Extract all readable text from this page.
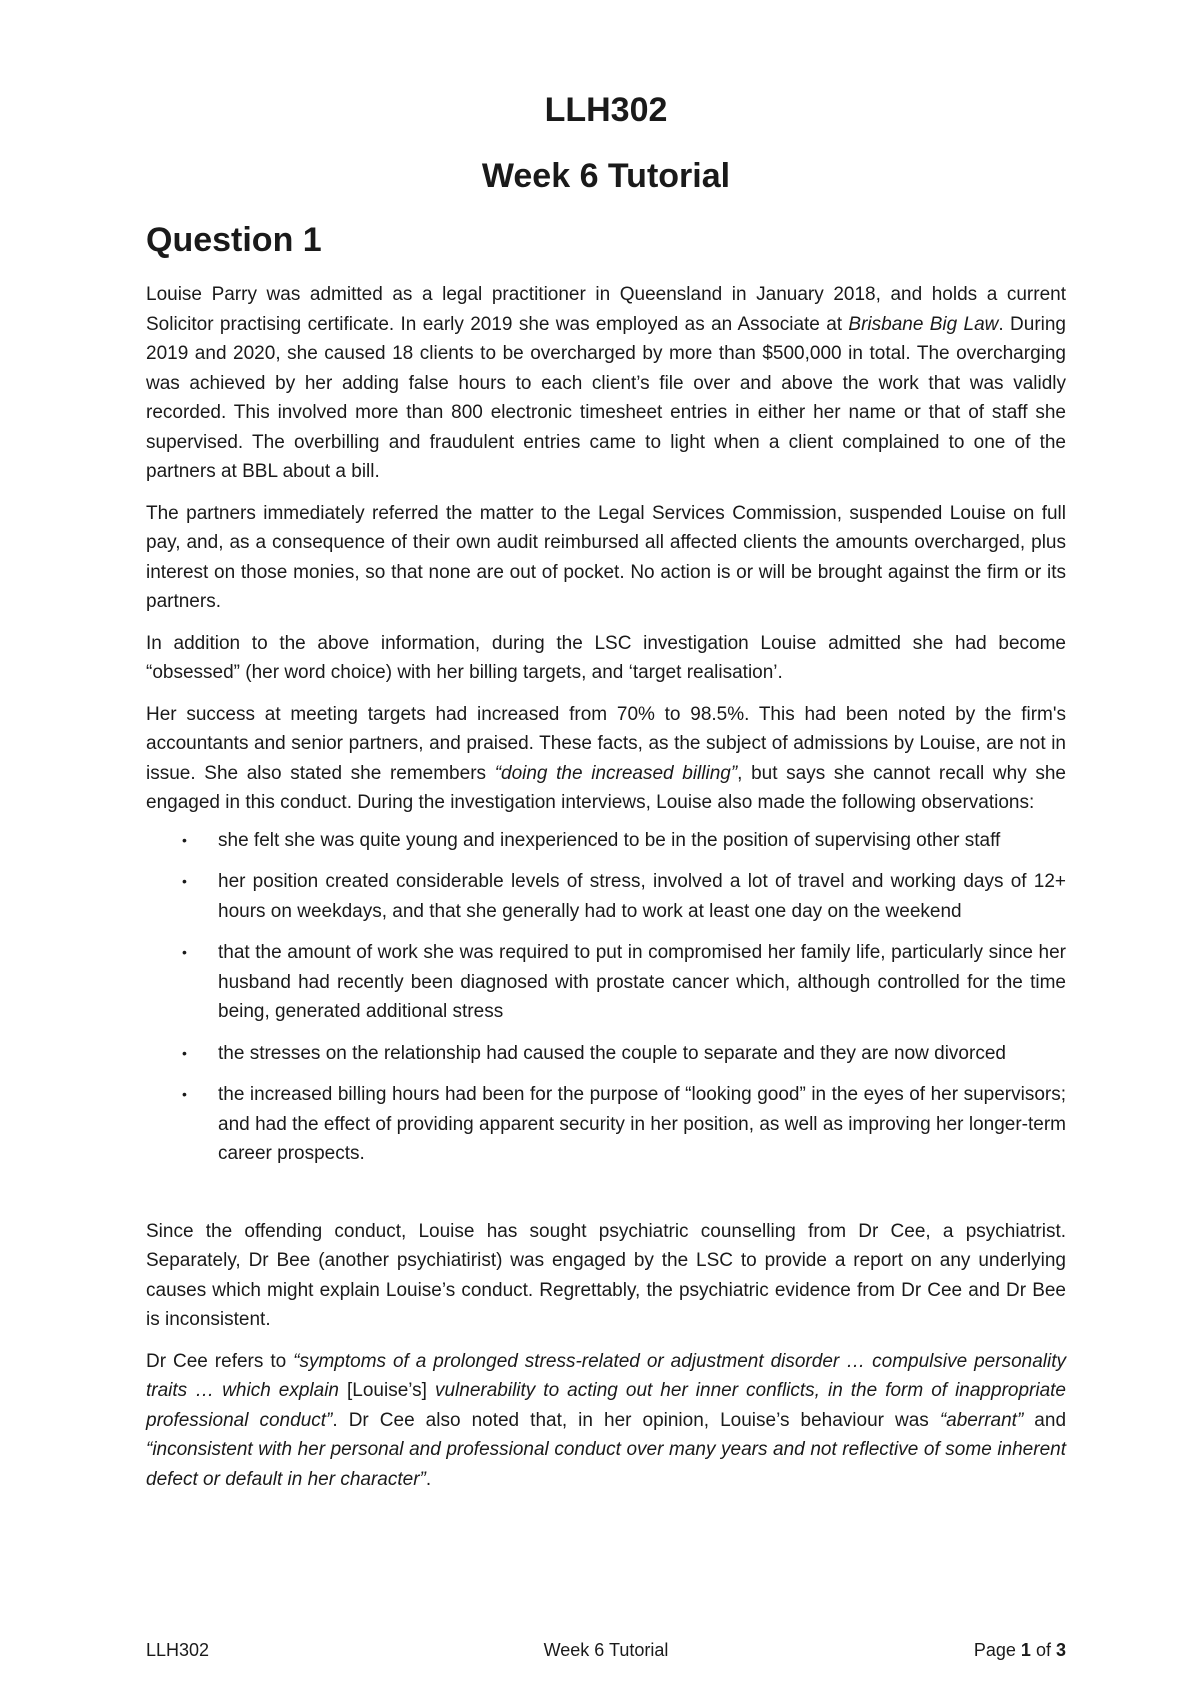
LLH302
Week 6 Tutorial
Question 1

Louise Parry was admitted as a legal practitioner in Queensland in January 2018, and holds a current Solicitor practising certificate. In early 2019 she was employed as an Associate at Brisbane Big Law. During 2019 and 2020, she caused 18 clients to be overcharged by more than $500,000 in total. The overcharging was achieved by her adding false hours to each client’s file over and above the work that was validly recorded. This involved more than 800 electronic timesheet entries in either her name or that of staff she supervised. The overbilling and fraudulent entries came to light when a client complained to one of the partners at BBL about a bill.

The partners immediately referred the matter to the Legal Services Commission, suspended Louise on full pay, and, as a consequence of their own audit reimbursed all affected clients the amounts overcharged, plus interest on those monies, so that none are out of pocket. No action is or will be brought against the firm or its partners.

In addition to the above information, during the LSC investigation Louise admitted she had become “obsessed” (her word choice) with her billing targets, and ‘target realisation’.

Her success at meeting targets had increased from 70% to 98.5%. This had been noted by the firm's accountants and senior partners, and praised. These facts, as the subject of admissions by Louise, are not in issue. She also stated she remembers “doing the increased billing”, but says she cannot recall why she engaged in this conduct. During the investigation interviews, Louise also made the following observations:

• she felt she was quite young and inexperienced to be in the position of supervising other staff
• her position created considerable levels of stress, involved a lot of travel and working days of 12+ hours on weekdays, and that she generally had to work at least one day on the weekend
• that the amount of work she was required to put in compromised her family life, particularly since her husband had recently been diagnosed with prostate cancer which, although controlled for the time being, generated additional stress
• the stresses on the relationship had caused the couple to separate and they are now divorced
• the increased billing hours had been for the purpose of “looking good” in the eyes of her supervisors; and had the effect of providing apparent security in her position, as well as improving her longer-term career prospects.

Since the offending conduct, Louise has sought psychiatric counselling from Dr Cee, a psychiatrist. Separately, Dr Bee (another psychiatirist) was engaged by the LSC to provide a report on any underlying causes which might explain Louise’s conduct. Regrettably, the psychiatric evidence from Dr Cee and Dr Bee is inconsistent.

Dr Cee refers to “symptoms of a prolonged stress-related or adjustment disorder … compulsive personality traits … which explain [Louise’s] vulnerability to acting out her inner conflicts, in the form of inappropriate professional conduct”. Dr Cee also noted that, in her opinion, Louise’s behaviour was “aberrant” and “inconsistent with her personal and professional conduct over many years and not reflective of some inherent defect or default in her character”.

LLH302	Week 6 Tutorial	Page 1 of 3
